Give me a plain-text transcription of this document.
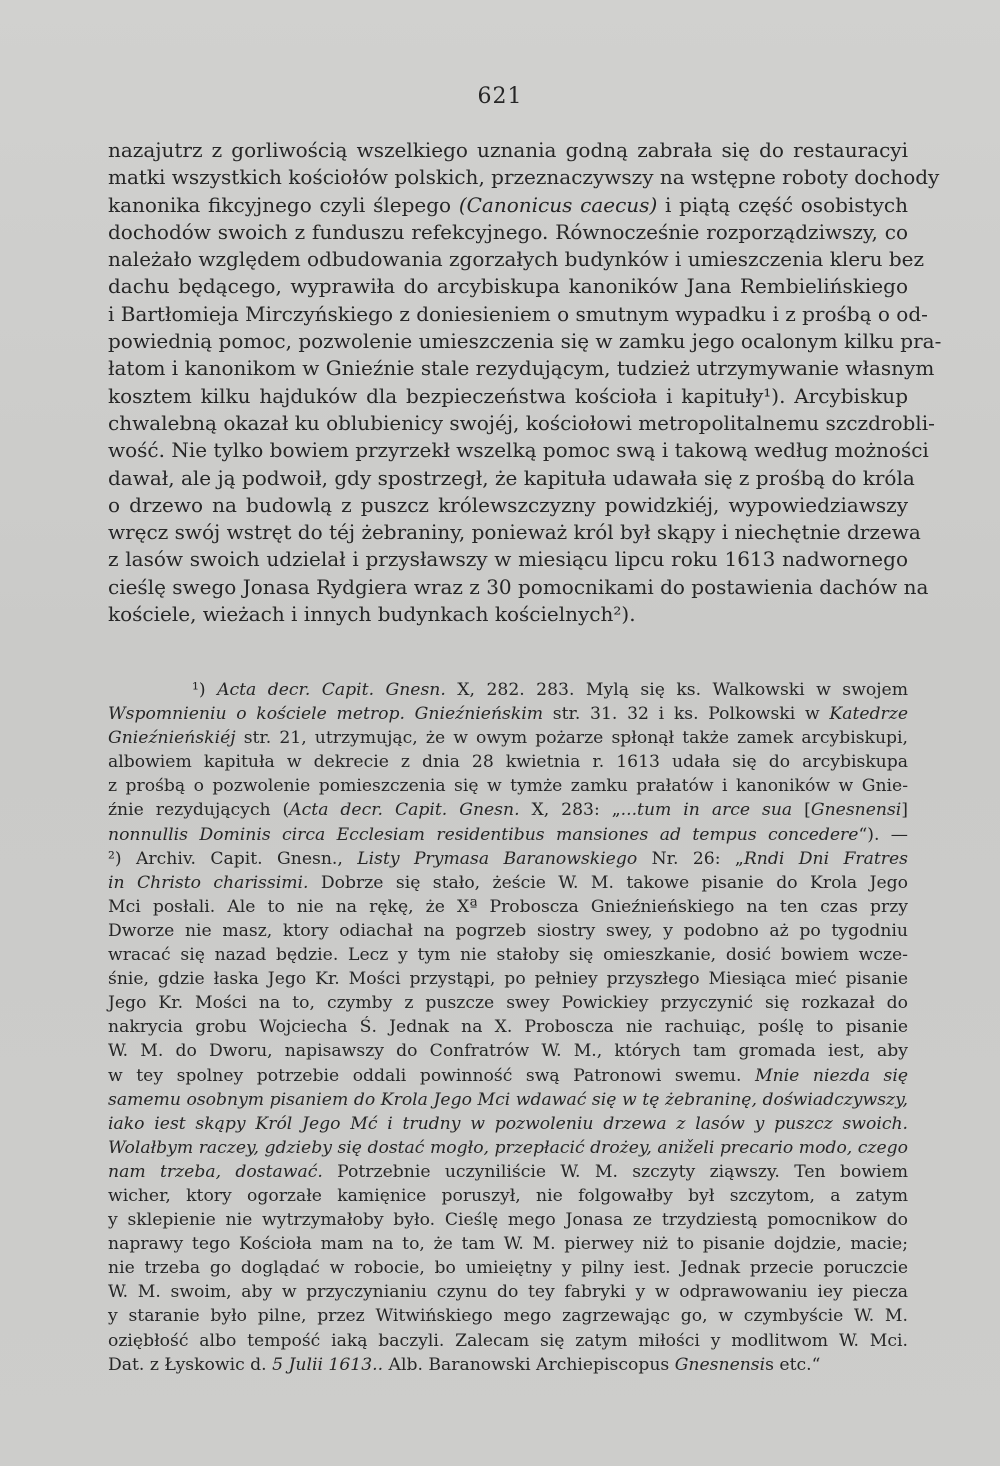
621
nazajutrz z gorliwością wszelkiego uznania godną zabrała się do restauracyi
matki wszystkich kościołów polskich, przeznaczywszy na wstępne roboty dochody
kanonika fikcyjnego czyli ślepego (Canonicus caecus) i piątą część osobistych
dochodów swoich z funduszu refekcyjnego. Równocześnie rozporządziwszy, co
należało względem odbudowania zgorzałych budynków i umieszczenia kleru bez
dachu będącego, wyprawiła do arcybiskupa kanoników Jana Rembielińskiego
i Bartłomieja Mirczyńskiego z doniesieniem o smutnym wypadku i z prośbą o od-
powiednią pomoc, pozwolenie umieszczenia się w zamku jego ocalonym kilku pra-
łatom i kanonikom w Gnieźnie stale rezydującym, tudzież utrzymywanie własnym
kosztem kilku hajduków dla bezpieczeństwa kościoła i kapituły¹). Arcybiskup
chwalebną okazał ku oblubienicy swojéj, kościołowi metropolitalnemu szczdrobli-
wość. Nie tylko bowiem przyrzekł wszelką pomoc swą i takową według możności
dawał, ale ją podwoił, gdy spostrzegł, że kapituła udawała się z prośbą do króla
o drzewo na budowlą z puszcz królewszczyzny powidzkiéj, wypowiedziawszy
wręcz swój wstręt do téj żebraniny, ponieważ król był skąpy i niechętnie drzewa
z lasów swoich udzielał i przysławszy w miesiącu lipcu roku 1613 nadwornego
cieślę swego Jonasa Rydgiera wraz z 30 pomocnikami do postawienia dachów na
kościele, wieżach i innych budynkach kościelnych²).
¹) Acta decr. Capit. Gnesn. X, 282. 283. Mylą się ks. Walkowski w swojem
Wspomnieniu o kościele metrop. Gnieźnieńskim str. 31. 32 i ks. Polkowski w Katedrze
Gnieźnieńskiéj str. 21, utrzymując, że w owym pożarze spłonął także zamek arcybiskupi,
albowiem kapituła w dekrecie z dnia 28 kwietnia r. 1613 udała się do arcybiskupa
z prośbą o pozwolenie pomieszczenia się w tymże zamku prałatów i kanoników w Gnie-
źnie rezydujących (Acta decr. Capit. Gnesn. X, 283: „...tum in arce sua [Gnesnensi]
nonnullis Dominis circa Ecclesiam residentibus mansiones ad tempus concedere“). —
²) Archiv. Capit. Gnesn., Listy Prymasa Baranowskiego Nr. 26: „Rndi Dni Fratres
in Christo charissimi. Dobrze się stało, żeście W. M. takowe pisanie do Krola Jego
Mci posłali. Ale to nie na rękę, że Xª Proboscza Gnieźnieńskiego na ten czas przy
Dworze nie masz, ktory odiachał na pogrzeb siostry swey, y podobno aż po tygodniu
wracać się nazad będzie. Lecz y tym nie stałoby się omieszkanie, dosić bowiem wcze-
śnie, gdzie łaska Jego Kr. Mości przystąpi, po pełniey przyszłego Miesiąca mieć pisanie
Jego Kr. Mości na to, czymby z puszcze swey Powickiey przyczynić się rozkazał do
nakrycia grobu Wojciecha Ś. Jednak na X. Proboscza nie rachuiąc, poślę to pisanie
W. M. do Dworu, napisawszy do Confratrów W. M., których tam gromada iest, aby
w tey spolney potrzebie oddali powinność swą Patronowi swemu. Mnie niezda się
samemu osobnym pisaniem do Krola Jego Mci wdawać się w tę żebraninę, doświadczywszy,
iako iest skąpy Król Jego Mć i trudny w pozwoleniu drzewa z lasów y puszcz swoich.
Wolałbym raczey, gdzieby się dostać mogło, przepłacić drożey, aniželi precario modo, czego
nam trzeba, dostawać. Potrzebnie uczyniliście W. M. szczyty ziąwszy. Ten bowiem
wicher, ktory ogorzałe kamięnice poruszył, nie folgowałby był szczytom, a zatym
y sklepienie nie wytrzymałoby było. Cieślę mego Jonasa ze trzydziestą pomocnikow do
naprawy tego Kościoła mam na to, że tam W. M. pierwey niż to pisanie dojdzie, macie;
nie trzeba go doglądać w robocie, bo umieiętny y pilny iest. Jednak przecie poruczcie
W. M. swoim, aby w przyczynianiu czynu do tey fabryki y w odprawowaniu iey piecza
y staranie było pilne, przez Witwińskiego mego zagrzewając go, w czymbyście W. M.
oziębłość albo tempość iaką baczyli. Zalecam się zatym miłości y modlitwom W. Mci.
Dat. z Łyskowic d. 5 Julii 1613.. Alb. Baranowski Archiepiscopus Gnesnensis etc.“
